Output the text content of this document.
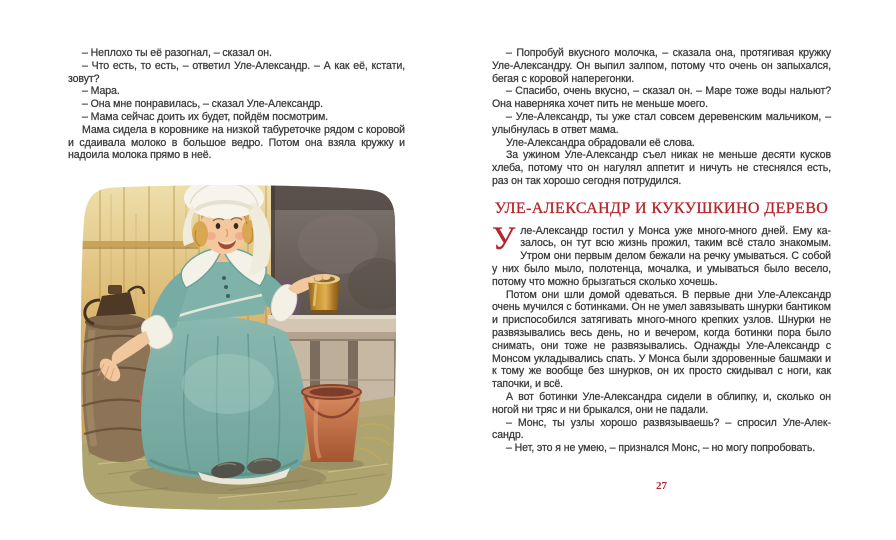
– Неплохо ты её разогнал, – сказал он.

– Что есть, то есть, – ответил Уле-Александр. – А как её, кстати, зовут?

– Мара.

– Она мне понравилась, – сказал Уле-Александр.

– Мама сейчас доить их будет, пойдём посмотрим.

Мама сидела в коровнике на низкой табуреточке рядом с коровой и сдаивала молоко в большое ведро. Потом она взяла кружку и надоила молока прямо в неё.

– Попробуй вкусного молочка, – сказала она, протягивая кружку Уле-Александру. Он выпил залпом, потому что очень он запыхался, бегая с коровой наперегонки.

– Спасибо, очень вкусно, – сказал он. – Маре тоже воды нальют? Она наверняка хочет пить не меньше моего.

– Уле-Александр, ты уже стал совсем деревенским мальчиком, – улыбнулась в ответ мама.

Уле-Александра обрадовали её слова.

За ужином Уле-Александр съел никак не меньше десяти кусков хлеба, потому что он нагулял аппетит и ничуть не стеснялся есть, раз он так хорошо сегодня потрудился.

УЛЕ-АЛЕКСАНДР И КУКУШКИНО ДЕРЕВО

Уле-Александр гостил у Монса уже много-много дней. Ему казалось, он тут всю жизнь прожил, таким всё стало знакомым. Утром они первым делом бежали на речку умываться. С собой у них было мыло, полотенца, мочалка, и умываться было весело, потому что можно брызгаться сколько хочешь.

Потом они шли домой одеваться. В первые дни Уле-Александр очень мучился с ботинками. Он не умел завязывать шнурки бантиком и приспособился затягивать много-много крепких узлов. Шнурки не развязывались весь день, но и вечером, когда ботинки пора было снимать, они тоже не развязывались. Однажды Уле-Александр с Монсом укладывались спать. У Монса были здоровенные башмаки и к тому же вообще без шнурков, он их просто скидывал с ноги, как тапочки, и всё.

А вот ботинки Уле-Александра сидели в облипку, и, сколько он ногой ни тряс и ни брыкался, они не падали.

– Монс, ты узлы хорошо развязываешь? – спросил Уле-Александр.

– Нет, это я не умею, – признался Монс, – но могу попробовать.

27
